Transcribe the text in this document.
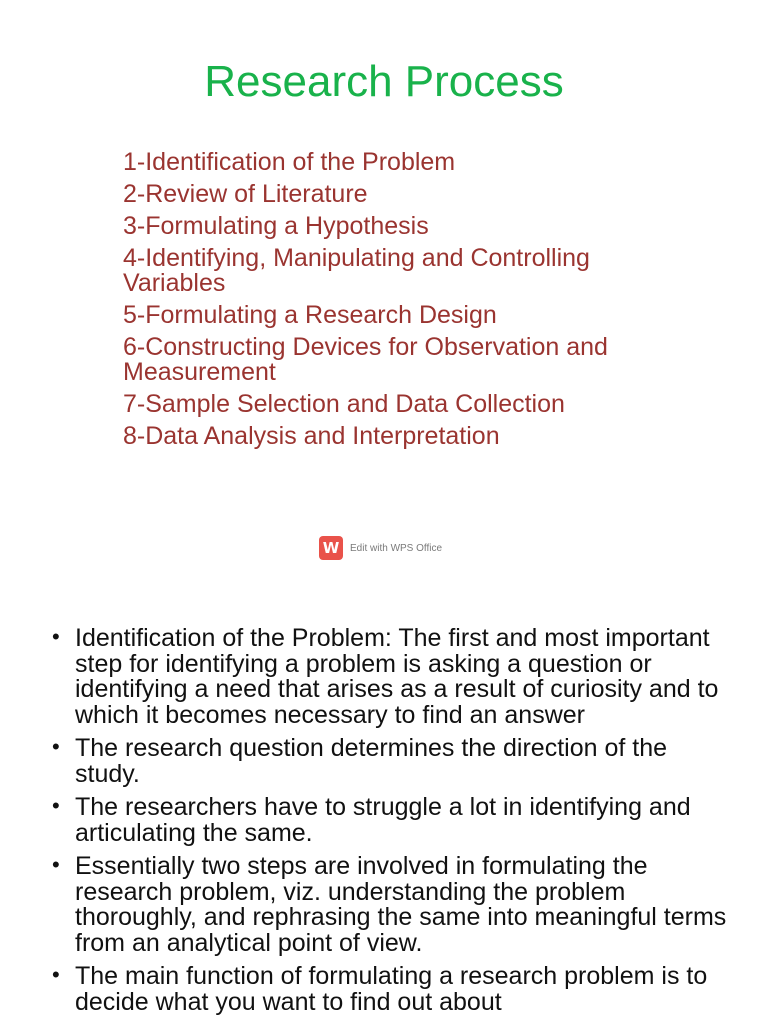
Research Process
1-Identification of the Problem
2-Review of Literature
3-Formulating a Hypothesis
4-Identifying, Manipulating and Controlling Variables
5-Formulating a Research Design
6-Constructing Devices for Observation and Measurement
7-Sample Selection and Data Collection
8-Data Analysis and Interpretation
W	Edit with WPS Office
• Identification of the Problem: The first and most important step for identifying a problem is asking a question or identifying a need that arises as a result of curiosity and to which it becomes necessary to find an answer
• The research question determines the direction of the study.
• The researchers have to struggle a lot in identifying and articulating the same.
• Essentially two steps are involved in formulating the research problem, viz. understanding the problem thoroughly, and rephrasing the same into meaningful terms from an analytical point of view.
• The main function of formulating a research problem is to decide what you want to find out about
